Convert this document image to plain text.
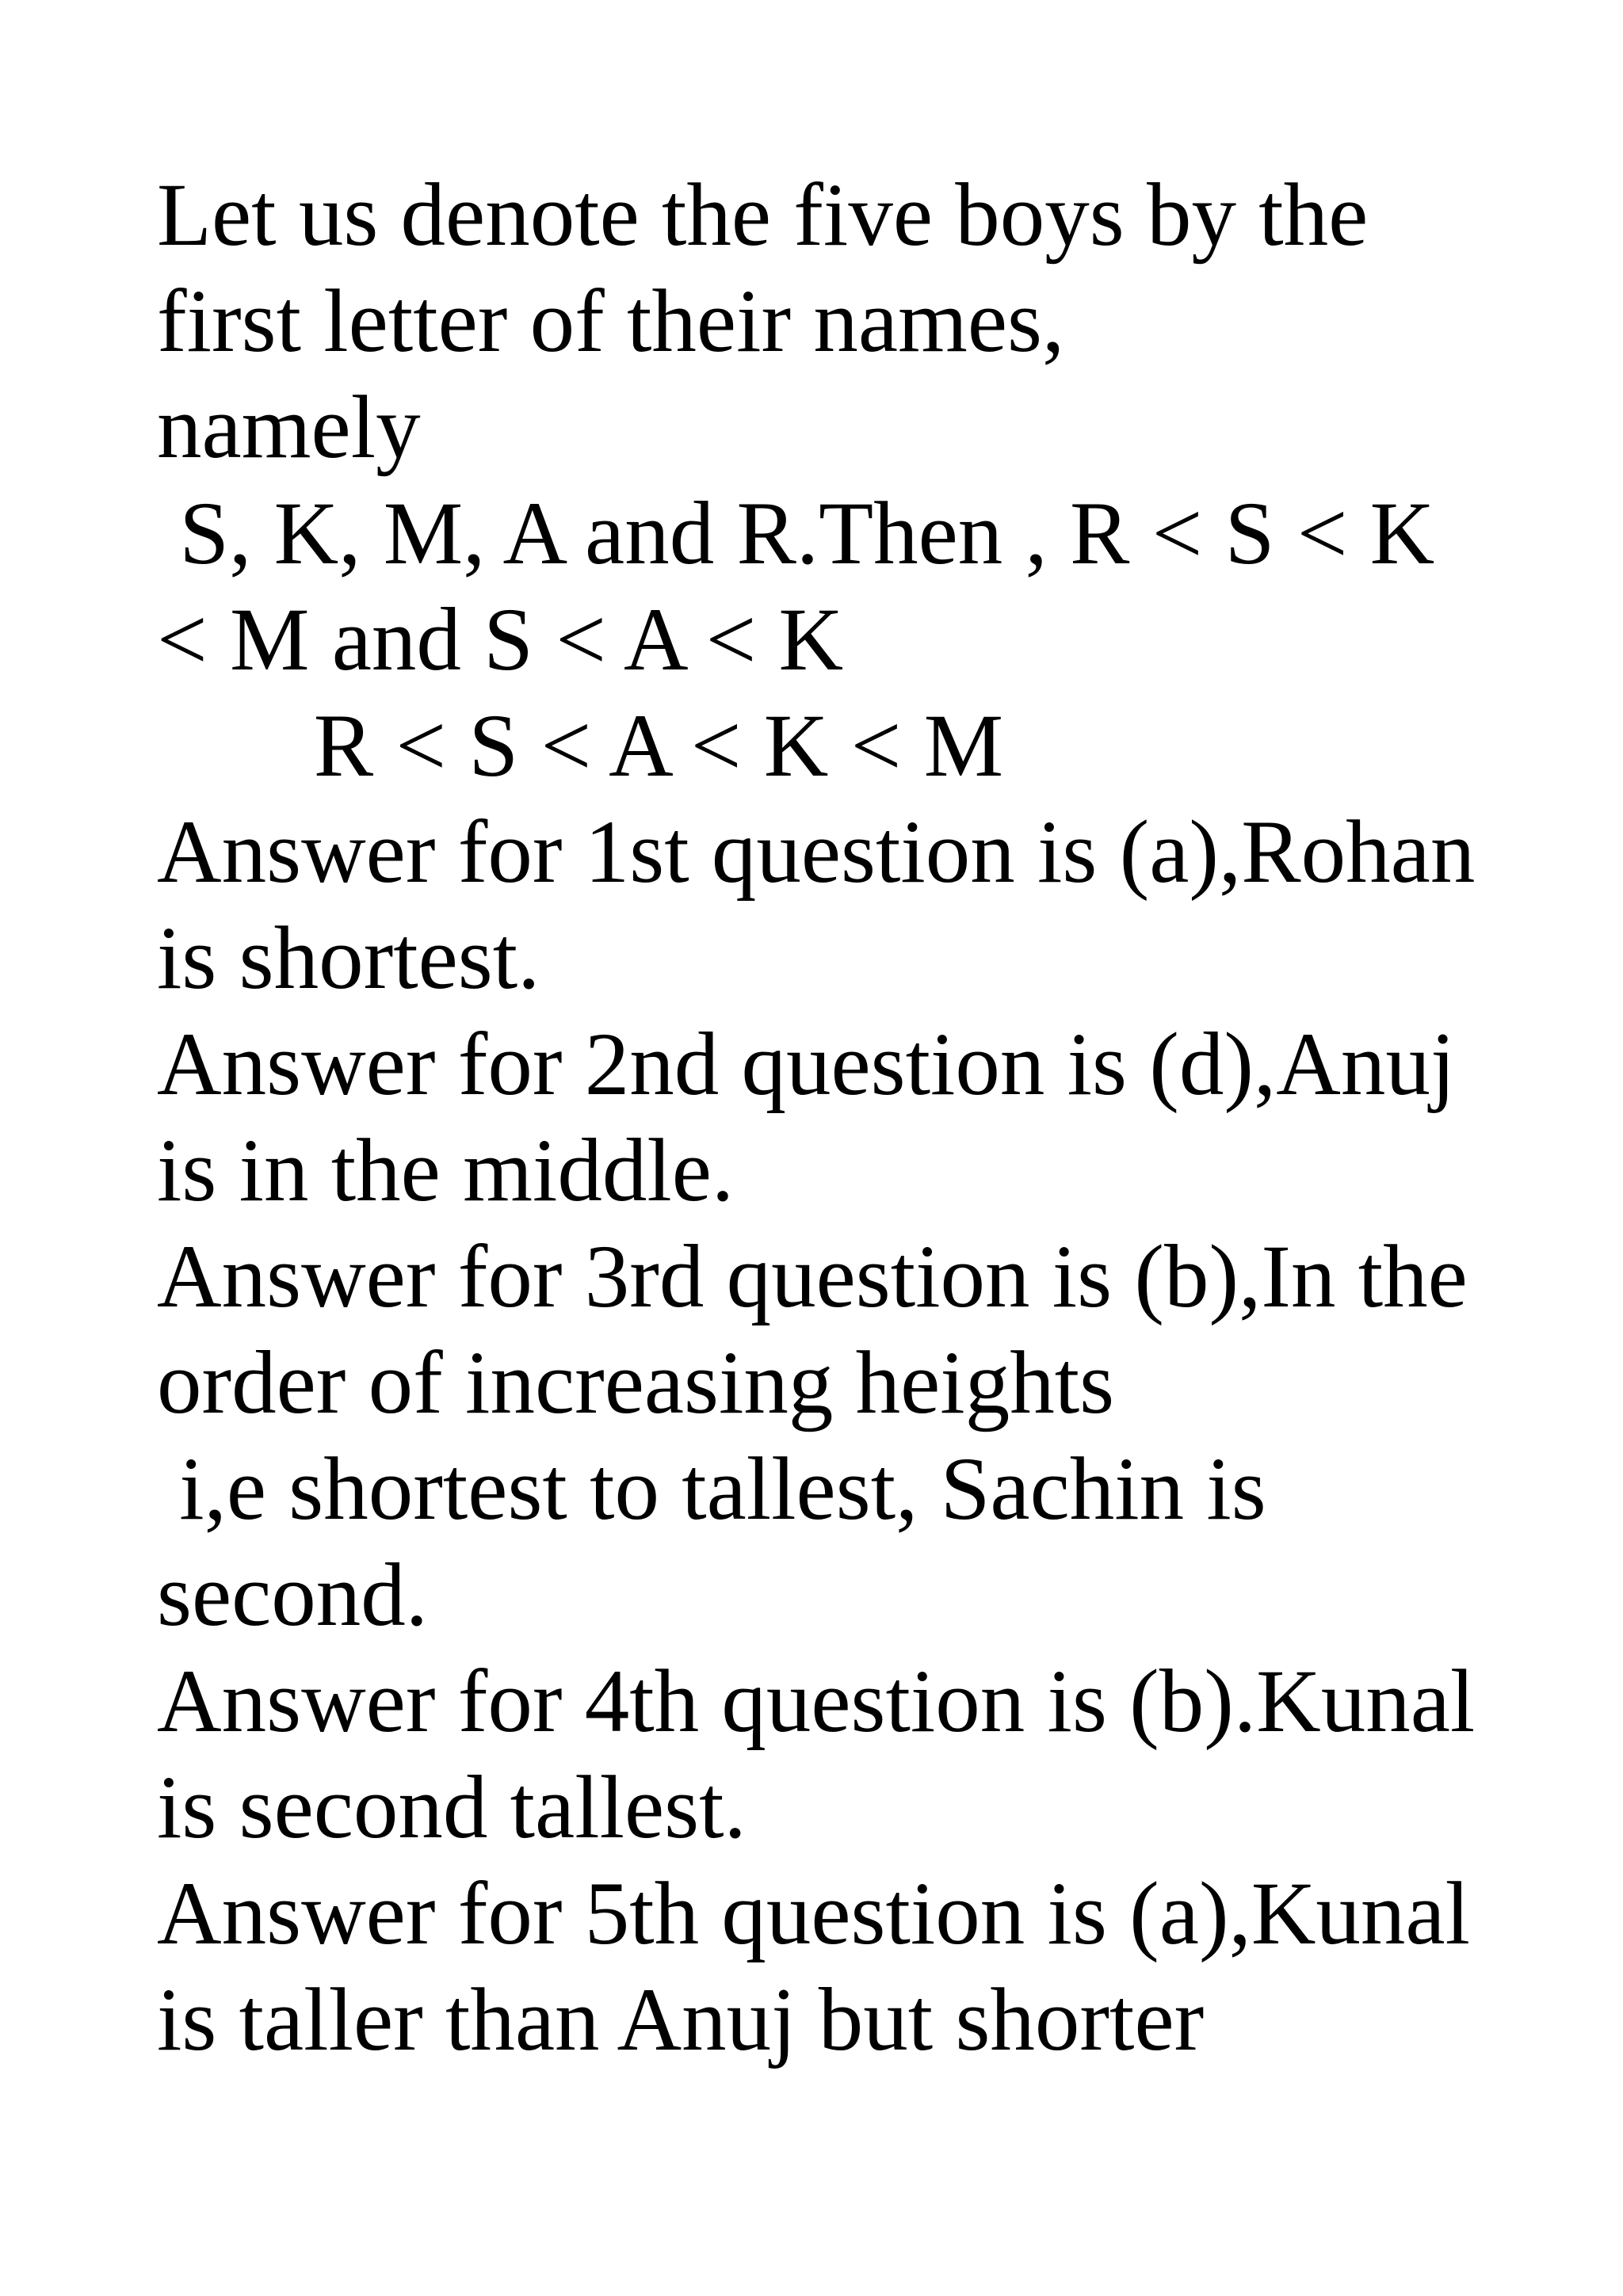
Let us denote the five boys by the
first letter of their names,
namely
S, K, M, A and R.Then , R < S < K
< M and S < A < K
R < S < A < K < M
Answer for 1st question is (a),Rohan
is shortest.
Answer for 2nd question is (d),Anuj
is in the middle.
Answer for 3rd question is (b),In the
order of increasing heights
i,e shortest to tallest, Sachin is
second.
Answer for 4th question is (b).Kunal
is second tallest.
Answer for 5th question is (a),Kunal
is taller than Anuj but shorter
